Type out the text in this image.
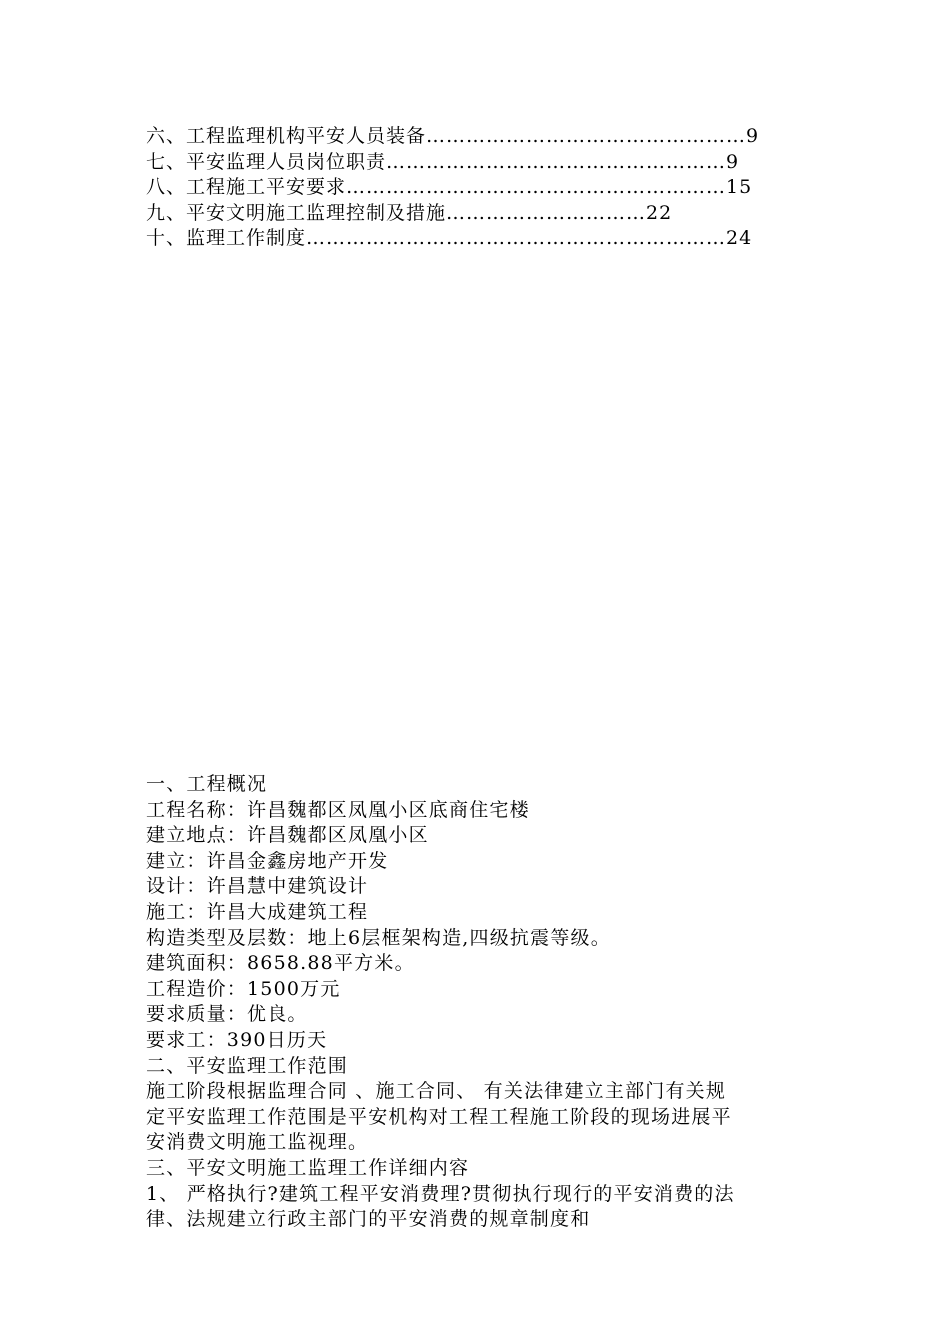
六、工程监理机构平安人员装备…………………………………………9
七、平安监理人员岗位职责……………………………………………9
八、工程施工平安要求…………………………………………………15
九、平安文明施工监理控制及措施…………………………22
十、监理工作制度………………………………………………………24
一、工程概况
工程名称：许昌魏都区凤凰小区底商住宅楼
建立地点：许昌魏都区凤凰小区
建立：许昌金鑫房地产开发
设计：许昌慧中建筑设计
施工：许昌大成建筑工程
构造类型及层数：地上6层框架构造,四级抗震等级。
建筑面积：8658.88平方米。
工程造价：1500万元
要求质量：优良。
要求工：390日历天
二、平安监理工作范围
施工阶段根据监理合同 、施工合同、 有关法律建立主部门有关规
定平安监理工作范围是平安机构对工程工程施工阶段的现场进展平
安消费文明施工监视理。
三、平安文明施工监理工作详细内容
1、 严格执行?建筑工程平安消费理?贯彻执行现行的平安消费的法
律、法规建立行政主部门的平安消费的规章制度和
